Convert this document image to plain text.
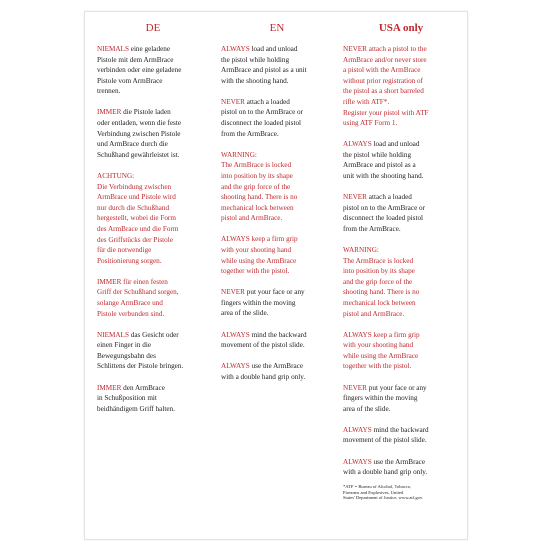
DE
NIEMALS eine geladene
Pistole mit dem ArmBrace
verbinden oder eine geladene
Pistole vom ArmBrace
trennen.
IMMER die Pistole laden
oder entladen, wenn die feste
Verbindung zwischen Pistole
und ArmBrace durch die
Schußhand gewährleistet ist.
ACHTUNG:
Die Verbindung zwischen
ArmBrace und Pistole wird
nur durch die Schußhand
hergestellt, wobei die Form
des ArmBrace und die Form
des Griffstücks der Pistole
für die notwendige
Positionierung sorgen.
IMMER für einen festen
Griff der Schußhand sorgen,
solange ArmBrace und
Pistole verbunden sind.
NIEMALS das Gesicht oder
einen Finger in die
Bewegungsbahn des
Schlittens der Pistole bringen.
IMMER den ArmBrace
in Schußposition mit
beidhändigem Griff halten.
EN
ALWAYS load and unload
the pistol while holding
ArmBrace and pistol as a unit
with the shooting hand.
NEVER attach a loaded
pistol on to the ArmBrace or
disconnect the loaded pistol
from the ArmBrace.
WARNING:
The ArmBrace is locked
into position by its shape
and the grip force of the
shooting hand. There is no
mechanical lock between
pistol and ArmBrace.
ALWAYS keep a firm grip
with your shooting hand
while using the ArmBrace
together with the pistol.
NEVER put your face or any
fingers within the moving
area of the slide.
ALWAYS mind the backward
movement of the pistol slide.
ALWAYS use the ArmBrace
with a double hand grip only.
USA only
NEVER attach a pistol to the
ArmBrace and/or never store
a pistol with the ArmBrace
without prior registration of
the pistol as a short barreled
rifle with ATF*.
Register your pistol with ATF
using ATF Form 1.
ALWAYS load and unload
the pistol while holding
ArmBrace and pistol as a
unit with the shooting hand.
NEVER attach a loaded
pistol on to the ArmBrace or
disconnect the loaded pistol
from the ArmBrace.
WARNING:
The ArmBrace is locked
into position by its shape
and the grip force of the
shooting hand. There is no
mechanical lock between
pistol and ArmBrace.
ALWAYS keep a firm grip
with your shooting hand
while using the ArmBrace
together with the pistol.
NEVER put your face or any
fingers within the moving
area of the slide.
ALWAYS mind the backward
movement of the pistol slide.
ALWAYS use the ArmBrace
with a double hand grip only.
*ATF = Bureau of Alcohol, Tobacco,
Firearms and Explosives, United
States' Department of Justice, www.atf.gov.
